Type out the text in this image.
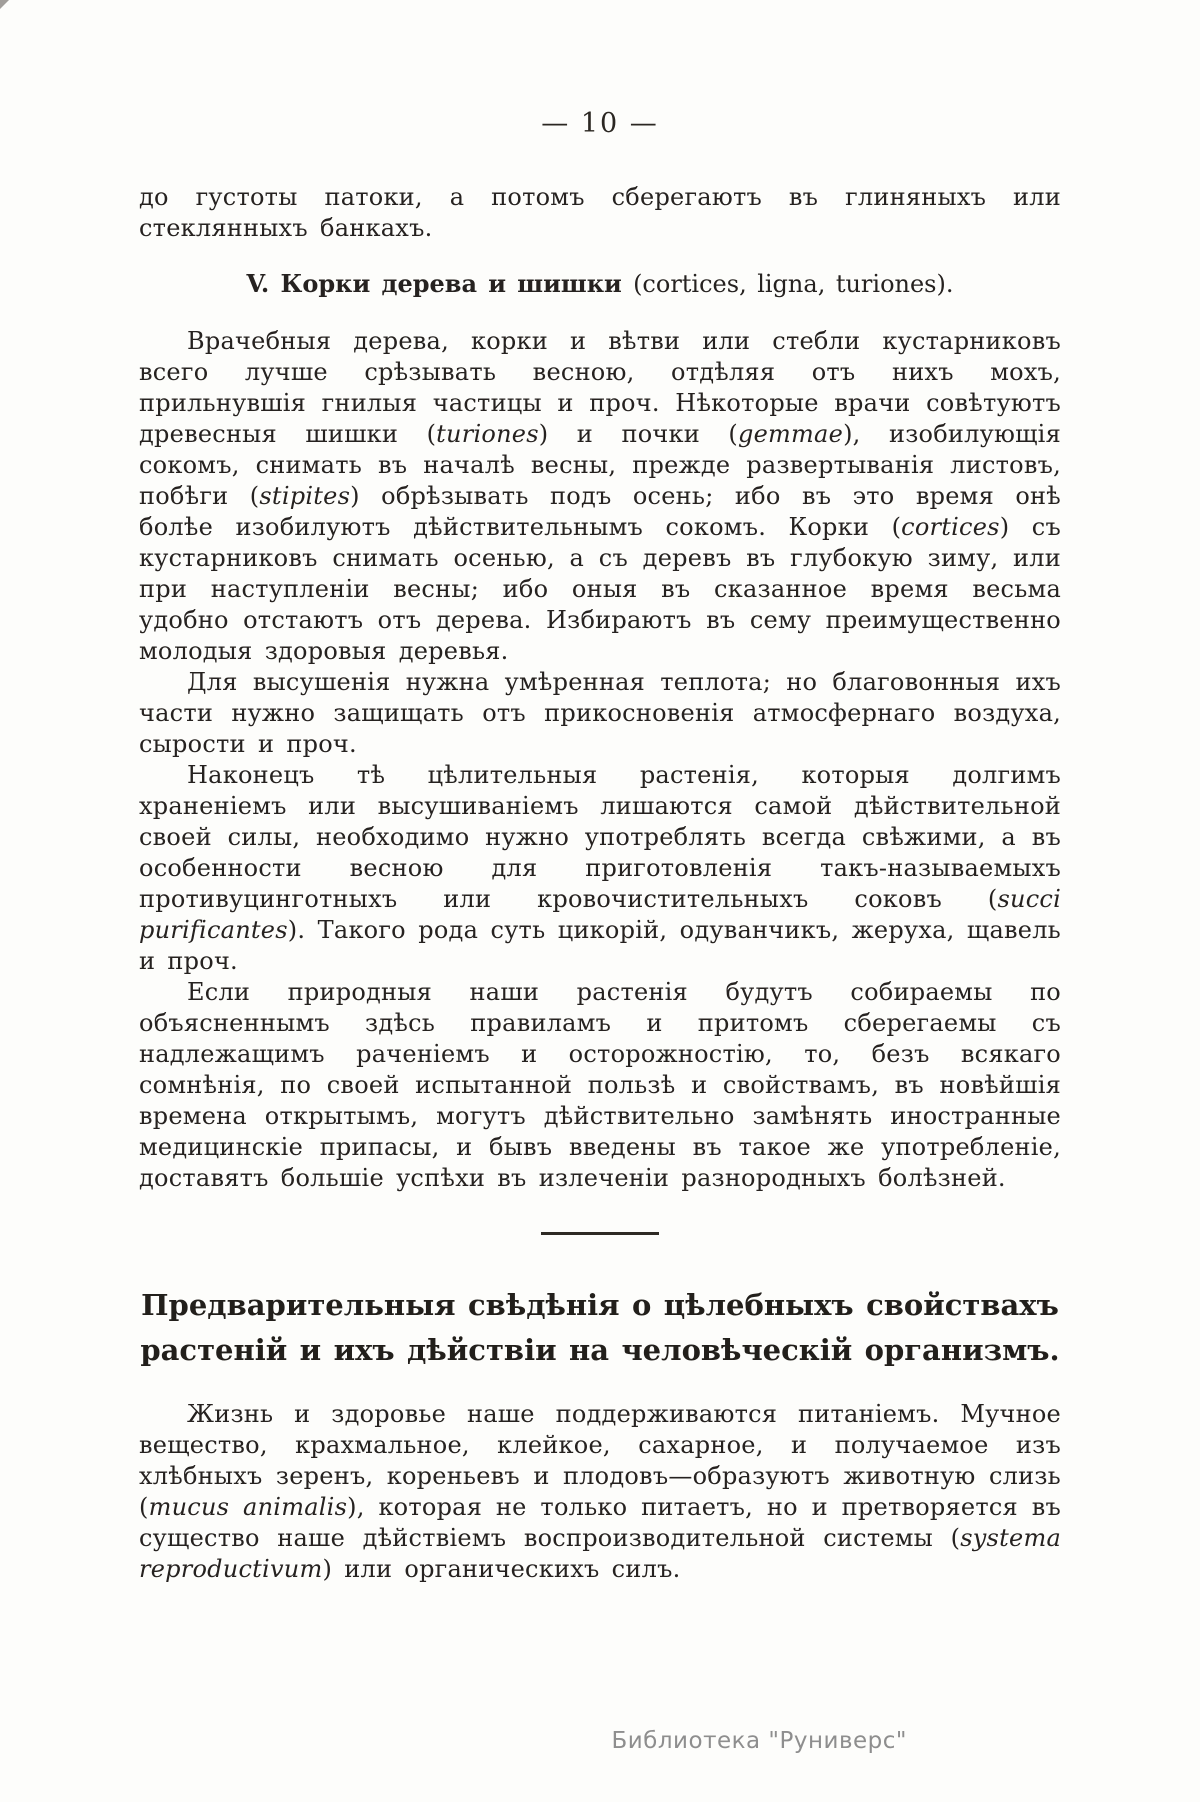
— 10 —

до густоты патоки, а потомъ сберегаютъ въ глиняныхъ или стеклянныхъ банкахъ.

V. Корки дерева и шишки (cortices, ligna, turiones).

Врачебныя дерева, корки и вѣтви или стебли кустарниковъ всего лучше срѣзывать весною, отдѣляя отъ нихъ мохъ, прильнувшія гнилыя частицы и проч. Нѣкоторые врачи совѣтуютъ древесныя шишки (turiones) и почки (gemmae), изобилующія сокомъ, снимать въ началѣ весны, прежде развертыванія листовъ, побѣги (stipites) обрѣзывать подъ осень; ибо въ это время онѣ болѣе изобилуютъ дѣйствительнымъ сокомъ. Корки (cortices) съ кустарниковъ снимать осенью, а съ деревъ въ глубокую зиму, или при наступленіи весны; ибо оныя въ сказанное время весьма удобно отстаютъ отъ дерева. Избираютъ въ сему преимущественно молодыя здоровыя деревья.

Для высушенія нужна умѣренная теплота; но благовонныя ихъ части нужно защищать отъ прикосновенія атмосфернаго воздуха, сырости и проч.

Наконецъ тѣ цѣлительныя растенія, которыя долгимъ храненіемъ или высушиваніемъ лишаются самой дѣйствительной своей силы, необходимо нужно употреблять всегда свѣжими, а въ особенности весною для приготовленія такъ-называемыхъ противуцинготныхъ или кровочистительныхъ соковъ (succi purificantes). Такого рода суть цикорій, одуванчикъ, жеруха, щавель и проч.

Если природныя наши растенія будутъ собираемы по объясненнымъ здѣсь правиламъ и притомъ сберегаемы съ надлежащимъ раченіемъ и осторожностію, то, безъ всякаго сомнѣнія, по своей испытанной пользѣ и свойствамъ, въ новѣйшія времена открытымъ, могутъ дѣйствительно замѣнять иностранные медицинскіе припасы, и бывъ введены въ такое же употребленіе, доставятъ большіе успѣхи въ излеченіи разнородныхъ болѣзней.

Предварительныя свѣдѣнія о цѣлебныхъ свойствахъ растеній и ихъ дѣйствіи на человѣческій организмъ.

Жизнь и здоровье наше поддерживаются питаніемъ. Мучное вещество, крахмальное, клейкое, сахарное, и получаемое изъ хлѣбныхъ зеренъ, кореньевъ и плодовъ—образуютъ животную слизь (mucus animalis), которая не только питаетъ, но и претворяется въ существо наше дѣйствіемъ воспроизводительной системы (systema reproductivum) или органическихъ силъ.

Библиотека "Руниверс"
